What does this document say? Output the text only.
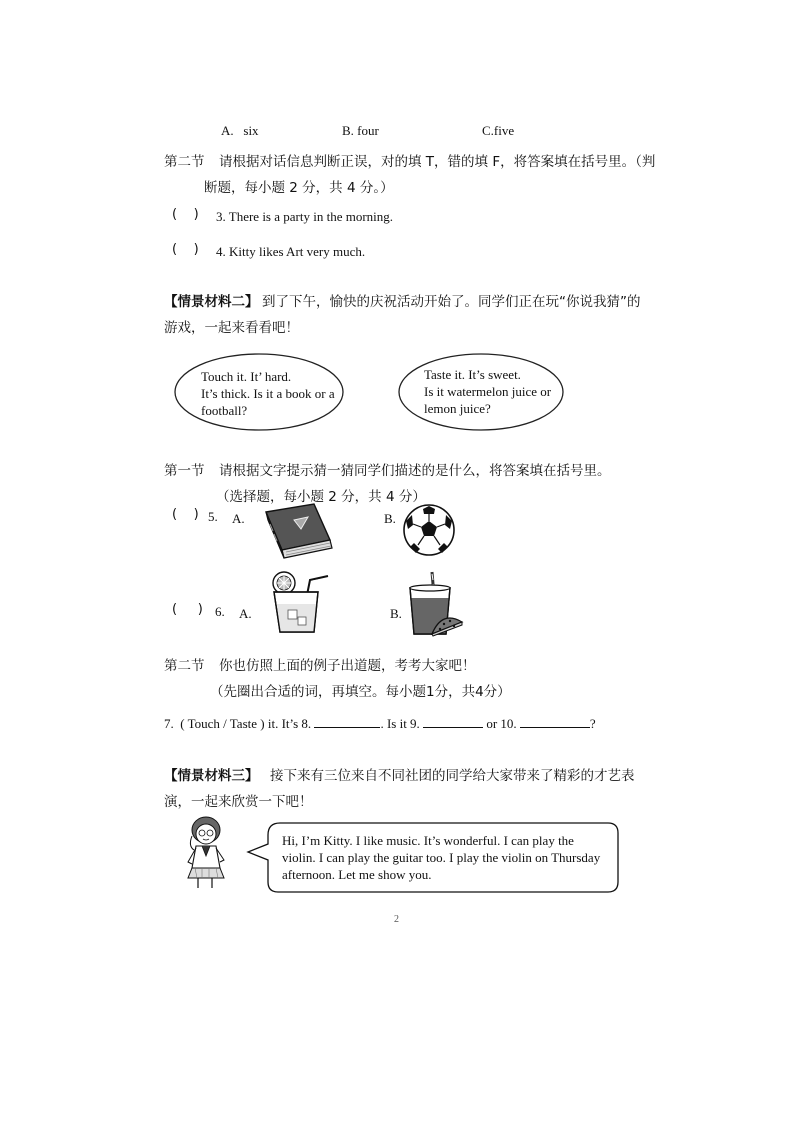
A.   six	B. four	C.five
第二节 请根据对话信息判断正误，对的填 T，错的填 F，将答案填在括号里。（判
断题，每小题 2 分，共 4 分。）
(    ) 3. There is a party in the morning.
(    ) 4. Kitty likes Art very much.
【情景材料二】 到了下午，愉快的庆祝活动开始了。同学们正在玩“你说我猜”的
游戏，一起来看看吧！
Touch it. It’ hard.
It’s thick. Is it a book or a
football?
Taste it. It’s sweet.
Is it watermelon juice or
lemon juice?
第一节 请根据文字提示猜一猜同学们描述的是什么，将答案填在括号里。
（选择题，每小题 2 分，共 4 分）
(    ) 5. A.	B.
(     ) 6. A.	B.
第二节 你也仿照上面的例子出道题，考考大家吧！
（先圈出合适的词，再填空。每小题1分，共4分）
7.  ( Touch / Taste ) it. It’s 8.	. Is it 9.	or 10.	?
【情景材料三】 接下来有三位来自不同社团的同学给大家带来了精彩的才艺表
演，一起来欣赏一下吧！
Hi, I’m Kitty. I like music. It’s wonderful. I can play the
violin. I can play the guitar too. I play the violin on Thursday
afternoon. Let me show you.
2
